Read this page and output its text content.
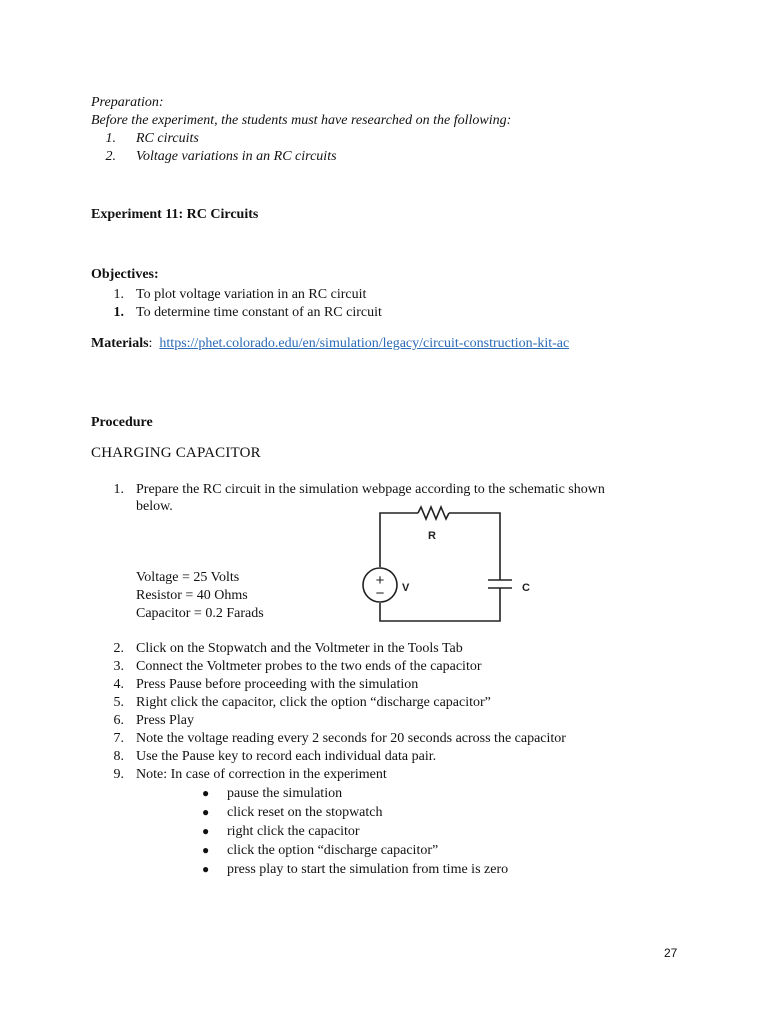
Preparation:
Before the experiment, the students must have researched on the following:
1. RC circuits
2. Voltage variations in an RC circuits
Experiment 11: RC Circuits
Objectives:
1. To plot voltage variation in an RC circuit
1. To determine time constant of an RC circuit
Materials: https://phet.colorado.edu/en/simulation/legacy/circuit-construction-kit-ac
Procedure
CHARGING CAPACITOR
1. Prepare the RC circuit in the simulation webpage according to the schematic shown
below.
Voltage = 25 Volts
Resistor = 40 Ohms
Capacitor = 0.2 Farads
+
−
R
V	C
2. Click on the Stopwatch and the Voltmeter in the Tools Tab
3. Connect the Voltmeter probes to the two ends of the capacitor
4. Press Pause before proceeding with the simulation
5. Right click the capacitor, click the option “discharge capacitor”
6. Press Play
7. Note the voltage reading every 2 seconds for 20 seconds across the capacitor
8. Use the Pause key to record each individual data pair.
9. Note: In case of correction in the experiment
● pause the simulation
● click reset on the stopwatch
● right click the capacitor
● click the option “discharge capacitor”
● press play to start the simulation from time is zero
27
